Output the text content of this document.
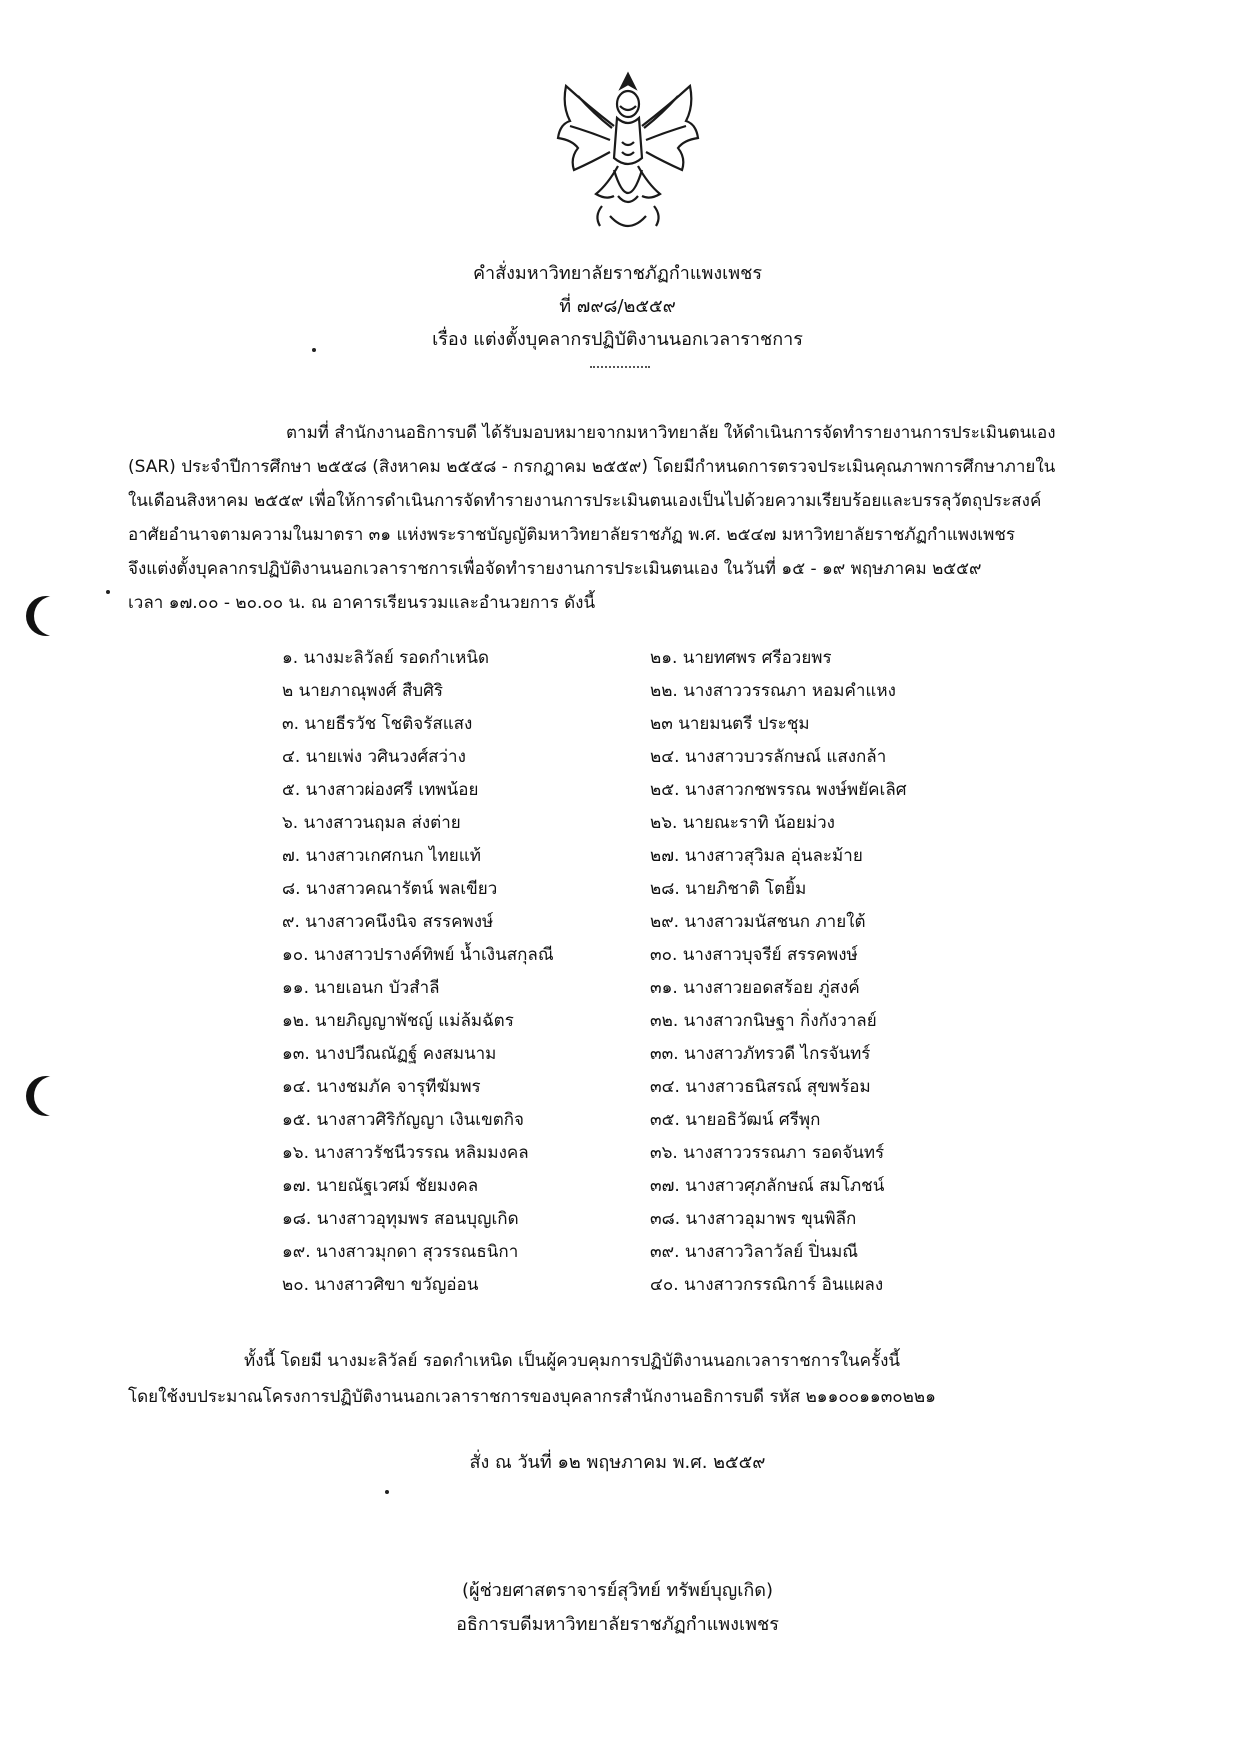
คำสั่งมหาวิทยาลัยราชภัฏกำแพงเพชร
ที่ ๗๙๘/๒๕๕๙
เรื่อง แต่งตั้งบุคลากรปฏิบัติงานนอกเวลาราชการ
ตามที่ สำนักงานอธิการบดี ได้รับมอบหมายจากมหาวิทยาลัย ให้ดำเนินการจัดทำรายงานการประเมินตนเอง
(SAR) ประจำปีการศึกษา ๒๕๕๘ (สิงหาคม ๒๕๕๘ - กรกฎาคม ๒๕๕๙) โดยมีกำหนดการตรวจประเมินคุณภาพการศึกษาภายใน
ในเดือนสิงหาคม ๒๕๕๙ เพื่อให้การดำเนินการจัดทำรายงานการประเมินตนเองเป็นไปด้วยความเรียบร้อยและบรรลุวัตถุประสงค์
อาศัยอำนาจตามความในมาตรา ๓๑ แห่งพระราชบัญญัติมหาวิทยาลัยราชภัฏ พ.ศ. ๒๕๔๗ มหาวิทยาลัยราชภัฏกำแพงเพชร
จึงแต่งตั้งบุคลากรปฏิบัติงานนอกเวลาราชการเพื่อจัดทำรายงานการประเมินตนเอง ในวันที่ ๑๕ - ๑๙ พฤษภาคม ๒๕๕๙
เวลา ๑๗.๐๐ - ๒๐.๐๐ น. ณ อาคารเรียนรวมและอำนวยการ ดังนี้
๑. นางมะลิวัลย์ รอดกำเหนิด
๒ นายภาณุพงศ์ สืบศิริ
๓. นายธีรวัช โชติจรัสแสง
๔. นายเพ่ง วศินวงศ์สว่าง
๕. นางสาวผ่องศรี เทพน้อย
๖. นางสาวนฤมล ส่งต่าย
๗. นางสาวเกศกนก ไทยแท้
๘. นางสาวคณารัตน์ พลเขียว
๙. นางสาวคนึงนิจ สรรคพงษ์
๑๐. นางสาวปรางค์ทิพย์ น้ำเงินสกุลณี
๑๑. นายเอนก บัวสำลี
๑๒. นายภิญญาพัชญ์ แม่ล้มฉัตร
๑๓. นางปวีณณัฏฐ์ คงสมนาม
๑๔. นางชมภัค จารุทีฆัมพร
๑๕. นางสาวศิริกัญญา เงินเขตกิจ
๑๖. นางสาวรัชนีวรรณ หลิมมงคล
๑๗. นายณัฐเวศม์ ชัยมงคล
๑๘. นางสาวอุทุมพร สอนบุญเกิด
๑๙. นางสาวมุกดา สุวรรณธนิกา
๒๐. นางสาวศิขา ขวัญอ่อน
๒๑. นายทศพร ศรีอวยพร
๒๒. นางสาววรรณภา หอมคำแหง
๒๓ นายมนตรี ประชุม
๒๔. นางสาวบวรลักษณ์ แสงกล้า
๒๕. นางสาวกชพรรณ พงษ์พยัคเลิศ
๒๖. นายณะราทิ น้อยม่วง
๒๗. นางสาวสุวิมล อุ่นละม้าย
๒๘. นายภิชาติ โตยิ้ม
๒๙. นางสาวมนัสชนก ภายใต้
๓๐. นางสาวบุจรีย์ สรรคพงษ์
๓๑. นางสาวยอดสร้อย ภู่สงค์
๓๒. นางสาวกนิษฐา กิ่งกังวาลย์
๓๓. นางสาวภัทรวดี ไกรจันทร์
๓๔. นางสาวธนิสรณ์ สุขพร้อม
๓๕. นายอธิวัฒน์ ศรีพุก
๓๖. นางสาววรรณภา รอดจันทร์
๓๗. นางสาวศุภลักษณ์ สมโภชน์
๓๘. นางสาวอุมาพร ขุนพิลึก
๓๙. นางสาววิลาวัลย์ ปิ่นมณี
๔๐. นางสาวกรรณิการ์ อินแผลง
ทั้งนี้ โดยมี นางมะลิวัลย์ รอดกำเหนิด เป็นผู้ควบคุมการปฏิบัติงานนอกเวลาราชการในครั้งนี้
โดยใช้งบประมาณโครงการปฏิบัติงานนอกเวลาราชการของบุคลากรสำนักงานอธิการบดี รหัส ๒๑๑๐๐๑๑๓๐๒๒๑
สั่ง ณ วันที่ ๑๒ พฤษภาคม พ.ศ. ๒๕๕๙
(ผู้ช่วยศาสตราจารย์สุวิทย์ ทรัพย์บุญเกิด)
อธิการบดีมหาวิทยาลัยราชภัฏกำแพงเพชร
